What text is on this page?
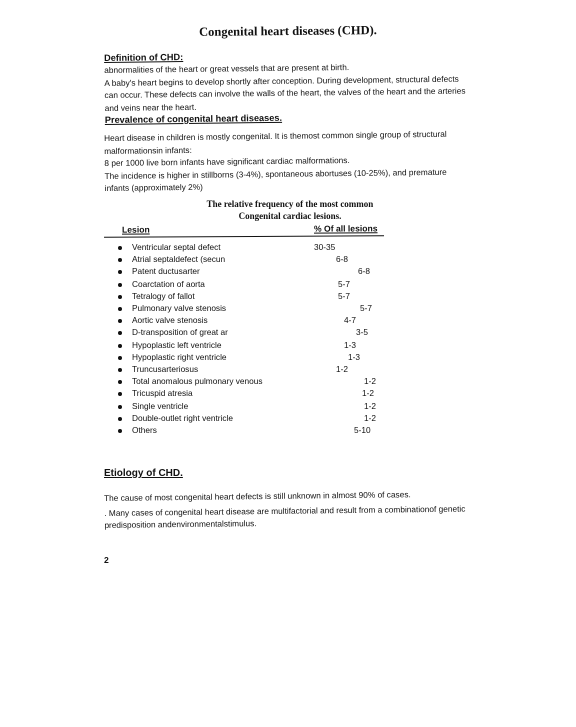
Congenital heart diseases (CHD).
Definition of CHD:
abnormalities of the heart or great vessels that are present at birth.
A baby's heart begins to develop shortly after conception. During development, structural defects
can occur. These defects can involve the walls of the heart, the valves of the heart and the arteries
and veins near the heart.
Prevalence of congenital heart diseases.
Heart disease in children is mostly congenital. It is themost common single group of structural
malformationsin infants:
8 per 1000 live born infants have significant cardiac malformations.
The incidence is higher in stillborns (3-4%), spontaneous abortuses (10-25%), and premature
infants (approximately 2%)
The relative frequency of the most common
Congenital cardiac lesions.
Lesion	% Of all lesions
Ventricular septal defect	30-35
Atrial septaldefect (secun	6-8
Patent ductusarter	6-8
Coarctation of aorta	5-7
Tetralogy of fallot	5-7
Pulmonary valve stenosis	5-7
Aortic valve stenosis	4-7
D-transposition of great ar	3-5
Hypoplastic left ventricle	1-3
Hypoplastic right ventricle	1-3
Truncusarteriosus	1-2
Total anomalous pulmonary venous	1-2
Tricuspid atresia	1-2
Single ventricle	1-2
Double-outlet right ventricle	1-2
Others	5-10
Etiology of CHD.
The cause of most congenital heart defects is still unknown in almost 90% of cases.
. Many cases of congenital heart disease are multifactorial and result from a combinationof genetic
predisposition andenvironmentalstimulus.
2
